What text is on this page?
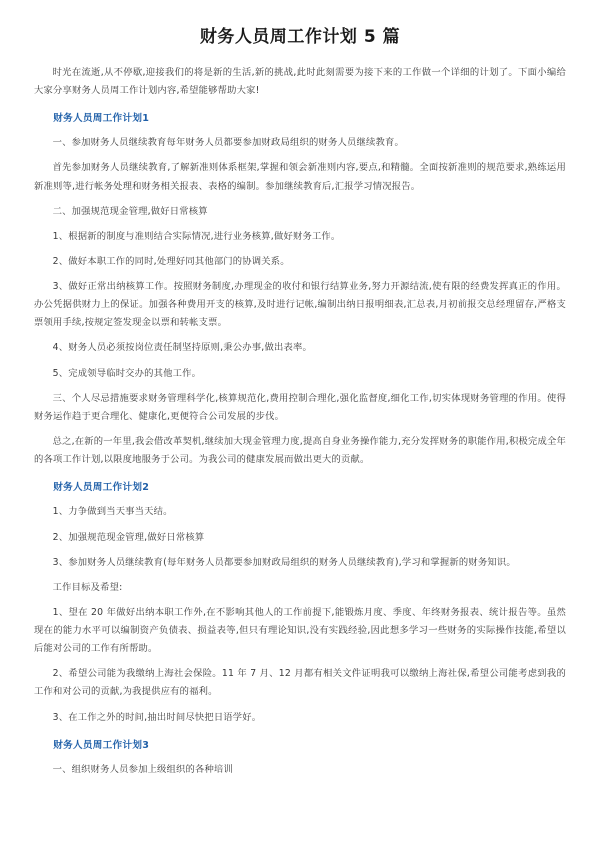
财务人员周工作计划 5 篇

时光在流逝,从不停歇,迎接我们的将是新的生活,新的挑战,此时此刻需要为接下来的工作做一个详细的计划了。下面小编给大家分享财务人员周工作计划内容,希望能够帮助大家!

财务人员周工作计划1

一、参加财务人员继续教育每年财务人员都要参加财政局组织的财务人员继续教育。

首先参加财务人员继续教育,了解新准则体系框架,掌握和领会新准则内容,要点,和精髓。全面按新准则的规范要求,熟练运用新准则等,进行帐务处理和财务相关报表、表格的编制。参加继续教育后,汇报学习情况报告。

二、加强规范现金管理,做好日常核算

1、根据新的制度与准则结合实际情况,进行业务核算,做好财务工作。

2、做好本职工作的同时,处理好同其他部门的协调关系。

3、做好正常出纳核算工作。按照财务制度,办理现金的收付和银行结算业务,努力开源结流,使有限的经费发挥真正的作用。办公凭据供财力上的保证。加强各种费用开支的核算,及时进行记帐,编制出纳日报明细表,汇总表,月初前报交总经理留存,严格支票领用手续,按规定签发现金以票和转帐支票。

4、财务人员必须按岗位责任制坚持原则,秉公办事,做出表率。

5、完成领导临时交办的其他工作。

三、个人尽忌措施要求财务管理科学化,核算规范化,费用控制合理化,强化监督度,细化工作,切实体现财务管理的作用。使得财务运作趋于更合理化、健康化,更便符合公司发展的步伐。

总之,在新的一年里,我会借改革契机,继续加大现金管理力度,提高自身业务操作能力,充分发挥财务的职能作用,积极完成全年的各项工作计划,以限度地服务于公司。为我公司的健康发展而做出更大的贡献。

财务人员周工作计划2

1、力争做到当天事当天结。

2、加强规范现金管理,做好日常核算

3、参加财务人员继续教育(每年财务人员都要参加财政局组织的财务人员继续教育),学习和掌握新的财务知识。

工作目标及希望:

1、望在 20 年做好出纳本职工作外,在不影响其他人的工作前提下,能锻炼月度、季度、年终财务报表、统计报告等。虽然现在的能力水平可以编制资产负债表、损益表等,但只有理论知识,没有实践经验,因此想多学习一些财务的实际操作技能,希望以后能对公司的工作有所帮助。

2、希望公司能为我缴纳上海社会保险。11 年 7 月、12 月都有相关文件证明我可以缴纳上海社保,希望公司能考虑到我的工作和对公司的贡献,为我提供应有的福利。

3、在工作之外的时间,抽出时间尽快把日语学好。

财务人员周工作计划3

一、组织财务人员参加上级组织的各种培训
